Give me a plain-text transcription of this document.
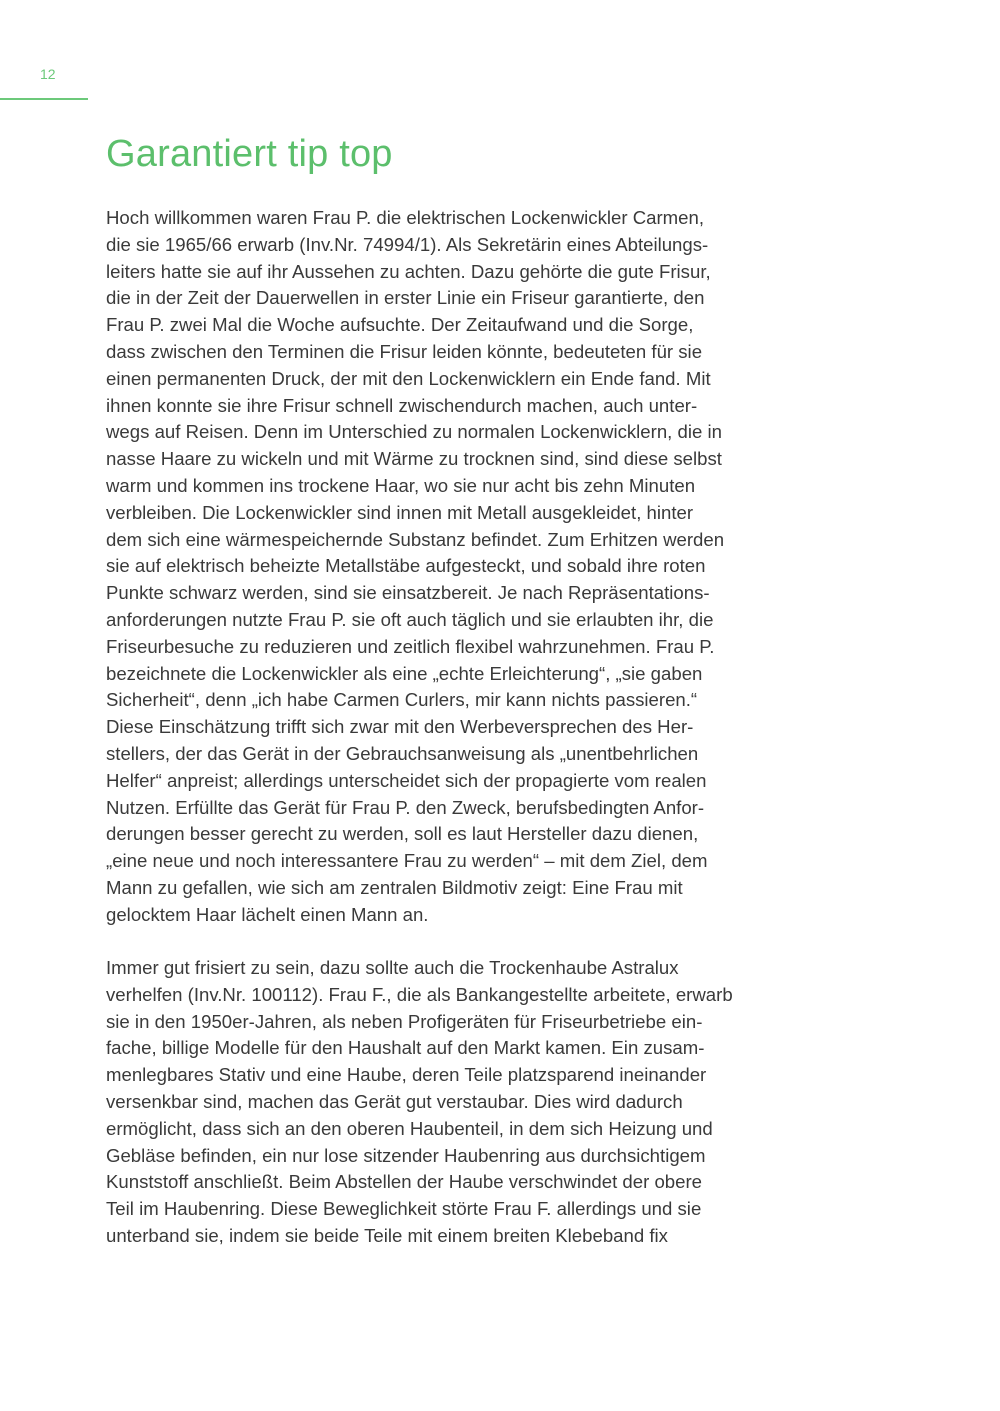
12
Garantiert tip top
Hoch willkommen waren Frau P. die elektrischen Lockenwickler Carmen,
die sie 1965/66 erwarb (Inv.Nr. 74994/1). Als Sekretärin eines Abteilungs-
leiters hatte sie auf ihr Aussehen zu achten. Dazu gehörte die gute Frisur,
die in der Zeit der Dauerwellen in erster Linie ein Friseur garantierte, den
Frau P. zwei Mal die Woche aufsuchte. Der Zeitaufwand und die Sorge,
dass zwischen den Terminen die Frisur leiden könnte, bedeuteten für sie
einen permanenten Druck, der mit den Lockenwicklern ein Ende fand. Mit
ihnen konnte sie ihre Frisur schnell zwischendurch machen, auch unter-
wegs auf Reisen. Denn im Unterschied zu normalen Lockenwicklern, die in
nasse Haare zu wickeln und mit Wärme zu trocknen sind, sind diese selbst
warm und kommen ins trockene Haar, wo sie nur acht bis zehn Minuten
verbleiben. Die Lockenwickler sind innen mit Metall ausgekleidet, hinter
dem sich eine wärmespeichernde Substanz befindet. Zum Erhitzen werden
sie auf elektrisch beheizte Metallstäbe aufgesteckt, und sobald ihre roten
Punkte schwarz werden, sind sie einsatzbereit. Je nach Repräsentations-
anforderungen nutzte Frau P. sie oft auch täglich und sie erlaubten ihr, die
Friseurbesuche zu reduzieren und zeitlich flexibel wahrzunehmen. Frau P.
bezeichnete die Lockenwickler als eine „echte Erleichterung“, „sie gaben
Sicherheit“, denn „ich habe Carmen Curlers, mir kann nichts passieren.“
Diese Einschätzung trifft sich zwar mit den Werbeversprechen des Her-
stellers, der das Gerät in der Gebrauchsanweisung als „unentbehrlichen
Helfer“ anpreist; allerdings unterscheidet sich der propagierte vom realen
Nutzen. Erfüllte das Gerät für Frau P. den Zweck, berufsbedingten Anfor-
derungen besser gerecht zu werden, soll es laut Hersteller dazu dienen,
„eine neue und noch interessantere Frau zu werden“ – mit dem Ziel, dem
Mann zu gefallen, wie sich am zentralen Bildmotiv zeigt: Eine Frau mit
gelocktem Haar lächelt einen Mann an.
Immer gut frisiert zu sein, dazu sollte auch die Trockenhaube Astralux
verhelfen (Inv.Nr. 100112). Frau F., die als Bankangestellte arbeitete, erwarb
sie in den 1950er-Jahren, als neben Profigeräten für Friseurbetriebe ein-
fache, billige Modelle für den Haushalt auf den Markt kamen. Ein zusam-
menlegbares Stativ und eine Haube, deren Teile platzsparend ineinander
versenkbar sind, machen das Gerät gut verstaubar. Dies wird dadurch
ermöglicht, dass sich an den oberen Haubenteil, in dem sich Heizung und
Gebläse befinden, ein nur lose sitzender Haubenring aus durchsichtigem
Kunststoff anschließt. Beim Abstellen der Haube verschwindet der obere
Teil im Haubenring. Diese Beweglichkeit störte Frau F. allerdings und sie
unterband sie, indem sie beide Teile mit einem breiten Klebeband fix
